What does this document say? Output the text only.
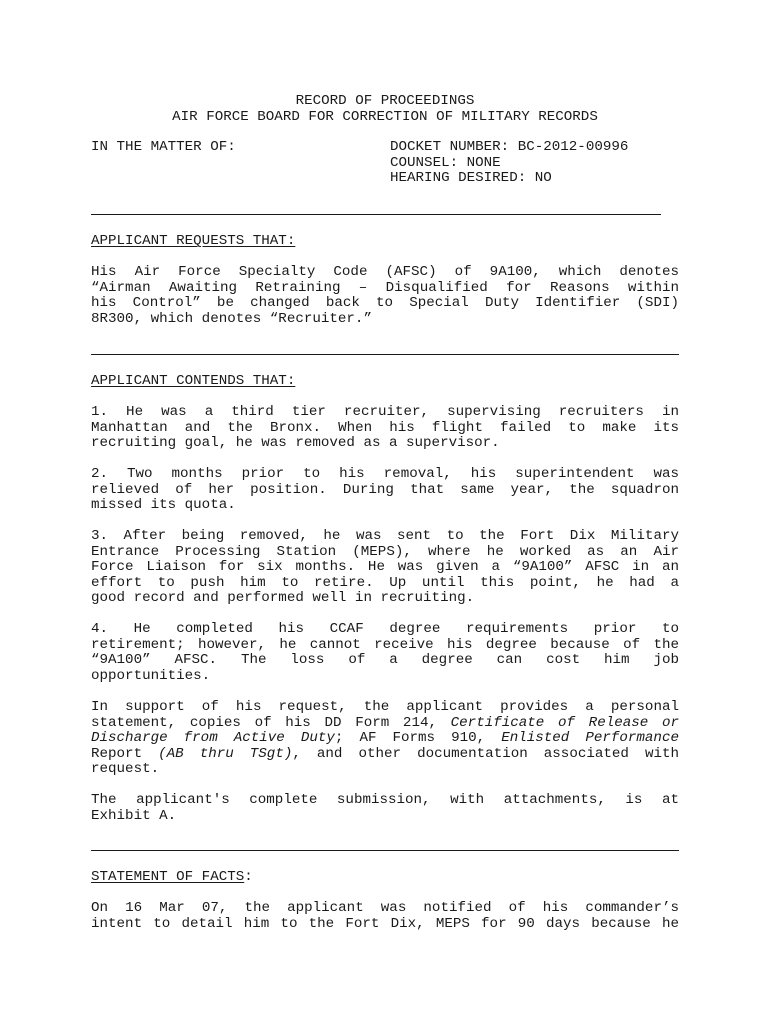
RECORD OF PROCEEDINGS
AIR FORCE BOARD FOR CORRECTION OF MILITARY RECORDS
IN THE MATTER OF:	DOCKET NUMBER: BC-2012-00996
COUNSEL: NONE
HEARING DESIRED: NO
APPLICANT REQUESTS THAT:
His Air Force Specialty Code (AFSC) of 9A100, which denotes
“Airman Awaiting Retraining – Disqualified for Reasons within
his Control” be changed back to Special Duty Identifier (SDI)
8R300, which denotes “Recruiter.”
APPLICANT CONTENDS THAT:
1. He was a third tier recruiter, supervising recruiters in
Manhattan and the Bronx. When his flight failed to make its
recruiting goal, he was removed as a supervisor.
2. Two months prior to his removal, his superintendent was
relieved of her position. During that same year, the squadron
missed its quota.
3. After being removed, he was sent to the Fort Dix Military
Entrance Processing Station (MEPS), where he worked as an Air
Force Liaison for six months. He was given a “9A100” AFSC in an
effort to push him to retire. Up until this point, he had a
good record and performed well in recruiting.
4. He completed his CCAF degree requirements prior to
retirement; however, he cannot receive his degree because of the
“9A100” AFSC. The loss of a degree can cost him job
opportunities.
In support of his request, the applicant provides a personal
statement, copies of his DD Form 214, Certificate of Release or
Discharge from Active Duty; AF Forms 910, Enlisted Performance
Report (AB thru TSgt), and other documentation associated with
request.
The applicant's complete submission, with attachments, is at
Exhibit A.
STATEMENT OF FACTS:
On 16 Mar 07, the applicant was notified of his commander’s
intent to detail him to the Fort Dix, MEPS for 90 days because he
